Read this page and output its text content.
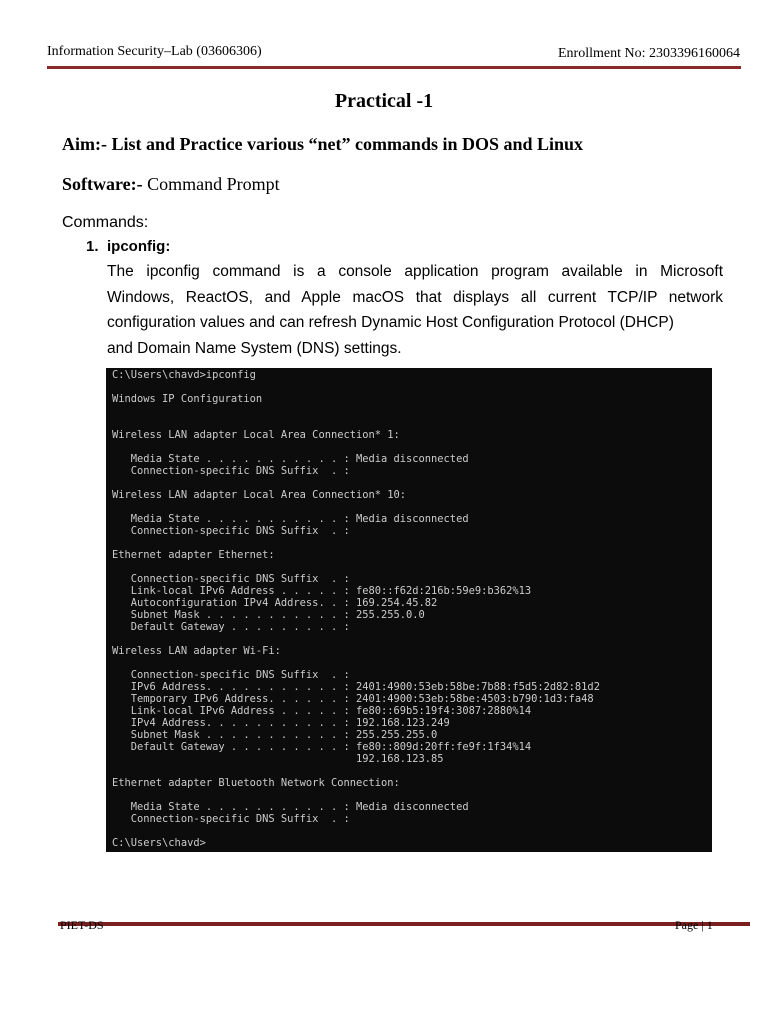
Information Security–Lab (03606306)	Enrollment No: 2303396160064
Practical -1
Aim:- List and Practice various “net” commands in DOS and Linux
Software:- Command Prompt
Commands:
1. ipconfig:
The ipconfig command is a console application program available in Microsoft
Windows, ReactOS, and Apple macOS that displays all current TCP/IP network
configuration values and can refresh Dynamic Host Configuration Protocol (DHCP)
and Domain Name System (DNS) settings.
C:\Users\chavd>ipconfig

Windows IP Configuration

Wireless LAN adapter Local Area Connection* 1:

Media State . . . . . . . . . . . : Media disconnected
Connection-specific DNS Suffix  . :

Wireless LAN adapter Local Area Connection* 10:

Media State . . . . . . . . . . . : Media disconnected
Connection-specific DNS Suffix  . :

Ethernet adapter Ethernet:

Connection-specific DNS Suffix  . :
Link-local IPv6 Address . . . . . : fe80::f62d:216b:59e9:b362%13
Autoconfiguration IPv4 Address. . : 169.254.45.82
Subnet Mask . . . . . . . . . . . : 255.255.0.0
Default Gateway . . . . . . . . . :

Wireless LAN adapter Wi-Fi:

Connection-specific DNS Suffix  . :
IPv6 Address. . . . . . . . . . . : 2401:4900:53eb:58be:7b88:f5d5:2d82:81d2
Temporary IPv6 Address. . . . . . : 2401:4900:53eb:58be:4503:b790:1d3:fa48
Link-local IPv6 Address . . . . . : fe80::69b5:19f4:3087:2880%14
IPv4 Address. . . . . . . . . . . : 192.168.123.249
Subnet Mask . . . . . . . . . . . : 255.255.255.0
Default Gateway . . . . . . . . . : fe80::809d:20ff:fe9f:1f34%14
192.168.123.85

Ethernet adapter Bluetooth Network Connection:

Media State . . . . . . . . . . . : Media disconnected
Connection-specific DNS Suffix  . :

C:\Users\chavd>
PIET-DS	Page | 1
